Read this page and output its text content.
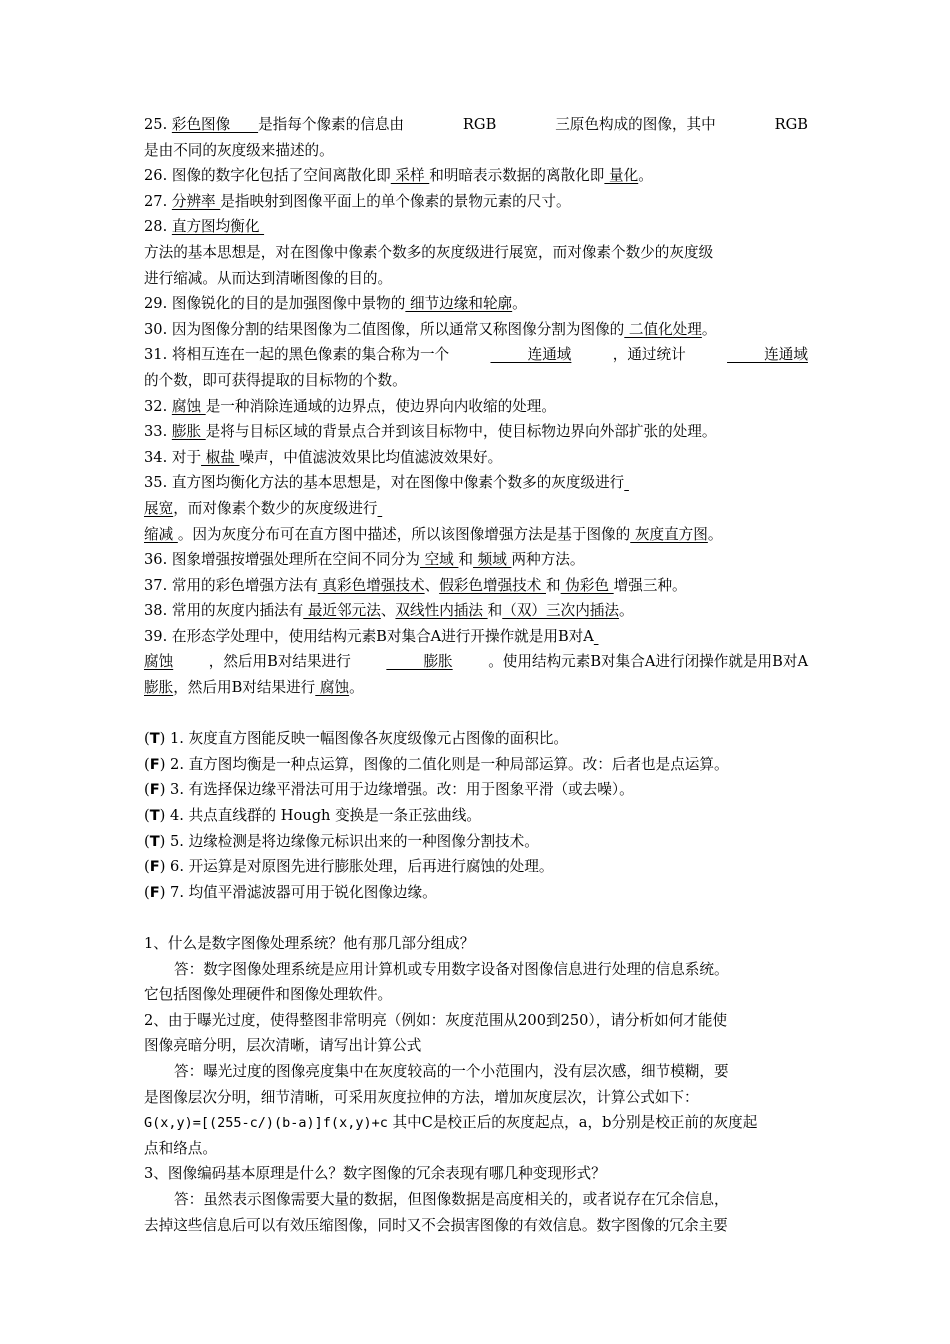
25. 彩色图像      是指每个像素的信息由	RGB	三原色构成的图像，其中	RGB
是由不同的灰度级来描述的。
26. 图像的数字化包括了空间离散化即 采样 和明暗表示数据的离散化即 量化。
27. 分辨率 是指映射到图像平面上的单个像素的景物元素的尺寸。
28. 直方图均衡化
方法的基本思想是，对在图像中像素个数多的灰度级进行展宽，而对像素个数少的灰度级
进行缩减。从而达到清晰图像的目的。
29. 图像锐化的目的是加强图像中景物的 细节边缘和轮廓。
30. 因为图像分割的结果图像为二值图像，所以通常又称图像分割为图像的 二值化处理。
31. 将相互连在一起的黑色像素的集合称为一个	连通域	，通过统计	连通域
的个数，即可获得提取的目标物的个数。
32. 腐蚀 是一种消除连通域的边界点，使边界向内收缩的处理。
33. 膨胀 是将与目标区域的背景点合并到该目标物中，使目标物边界向外部扩张的处理。
34. 对于 椒盐 噪声，中值滤波效果比均值滤波效果好。
35. 直方图均衡化方法的基本思想是，对在图像中像素个数多的灰度级进行
展宽，而对像素个数少的灰度级进行
缩减 。因为灰度分布可在直方图中描述，所以该图像增强方法是基于图像的 灰度直方图。
36. 图象增强按增强处理所在空间不同分为 空域 和 频域 两种方法。
37. 常用的彩色增强方法有 真彩色增强技术、假彩色增强技术 和 伪彩色 增强三种。
38. 常用的灰度内插法有 最近邻元法、双线性内插法 和（双）三次内插法。
39. 在形态学处理中，使用结构元素B对集合A进行开操作就是用B对A
腐蚀 ，然后用B对结果进行 膨胀 。使用结构元素B对集合A进行闭操作就是用B对A
膨胀，然后用B对结果进行 腐蚀。
(T) 1. 灰度直方图能反映一幅图像各灰度级像元占图像的面积比。
(F) 2. 直方图均衡是一种点运算，图像的二值化则是一种局部运算。改：后者也是点运算。
(F) 3. 有选择保边缘平滑法可用于边缘增强。改：用于图象平滑（或去噪）。
(T) 4. 共点直线群的 Hough 变换是一条正弦曲线。
(T) 5. 边缘检测是将边缘像元标识出来的一种图像分割技术。
(F) 6. 开运算是对原图先进行膨胀处理，后再进行腐蚀的处理。
(F) 7. 均值平滑滤波器可用于锐化图像边缘。
1、什么是数字图像处理系统？他有那几部分组成？
答：数字图像处理系统是应用计算机或专用数字设备对图像信息进行处理的信息系统。
它包括图像处理硬件和图像处理软件。
2、由于曝光过度，使得整图非常明亮（例如：灰度范围从200到250），请分析如何才能使
图像亮暗分明，层次清晰，请写出计算公式
答：曝光过度的图像亮度集中在灰度较高的一个小范围内，没有层次感，细节模糊，要
是图像层次分明，细节清晰，可采用灰度拉伸的方法，增加灰度层次，计算公式如下：
G(x,y)=[(255-c/)(b-a)]f(x,y)+c 其中C是校正后的灰度起点，a，b分别是校正前的灰度起
点和络点。
3、图像编码基本原理是什么？数字图像的冗余表现有哪几种变现形式？
答：虽然表示图像需要大量的数据，但图像数据是高度相关的，或者说存在冗余信息，
去掉这些信息后可以有效压缩图像，同时又不会损害图像的有效信息。数字图像的冗余主要
